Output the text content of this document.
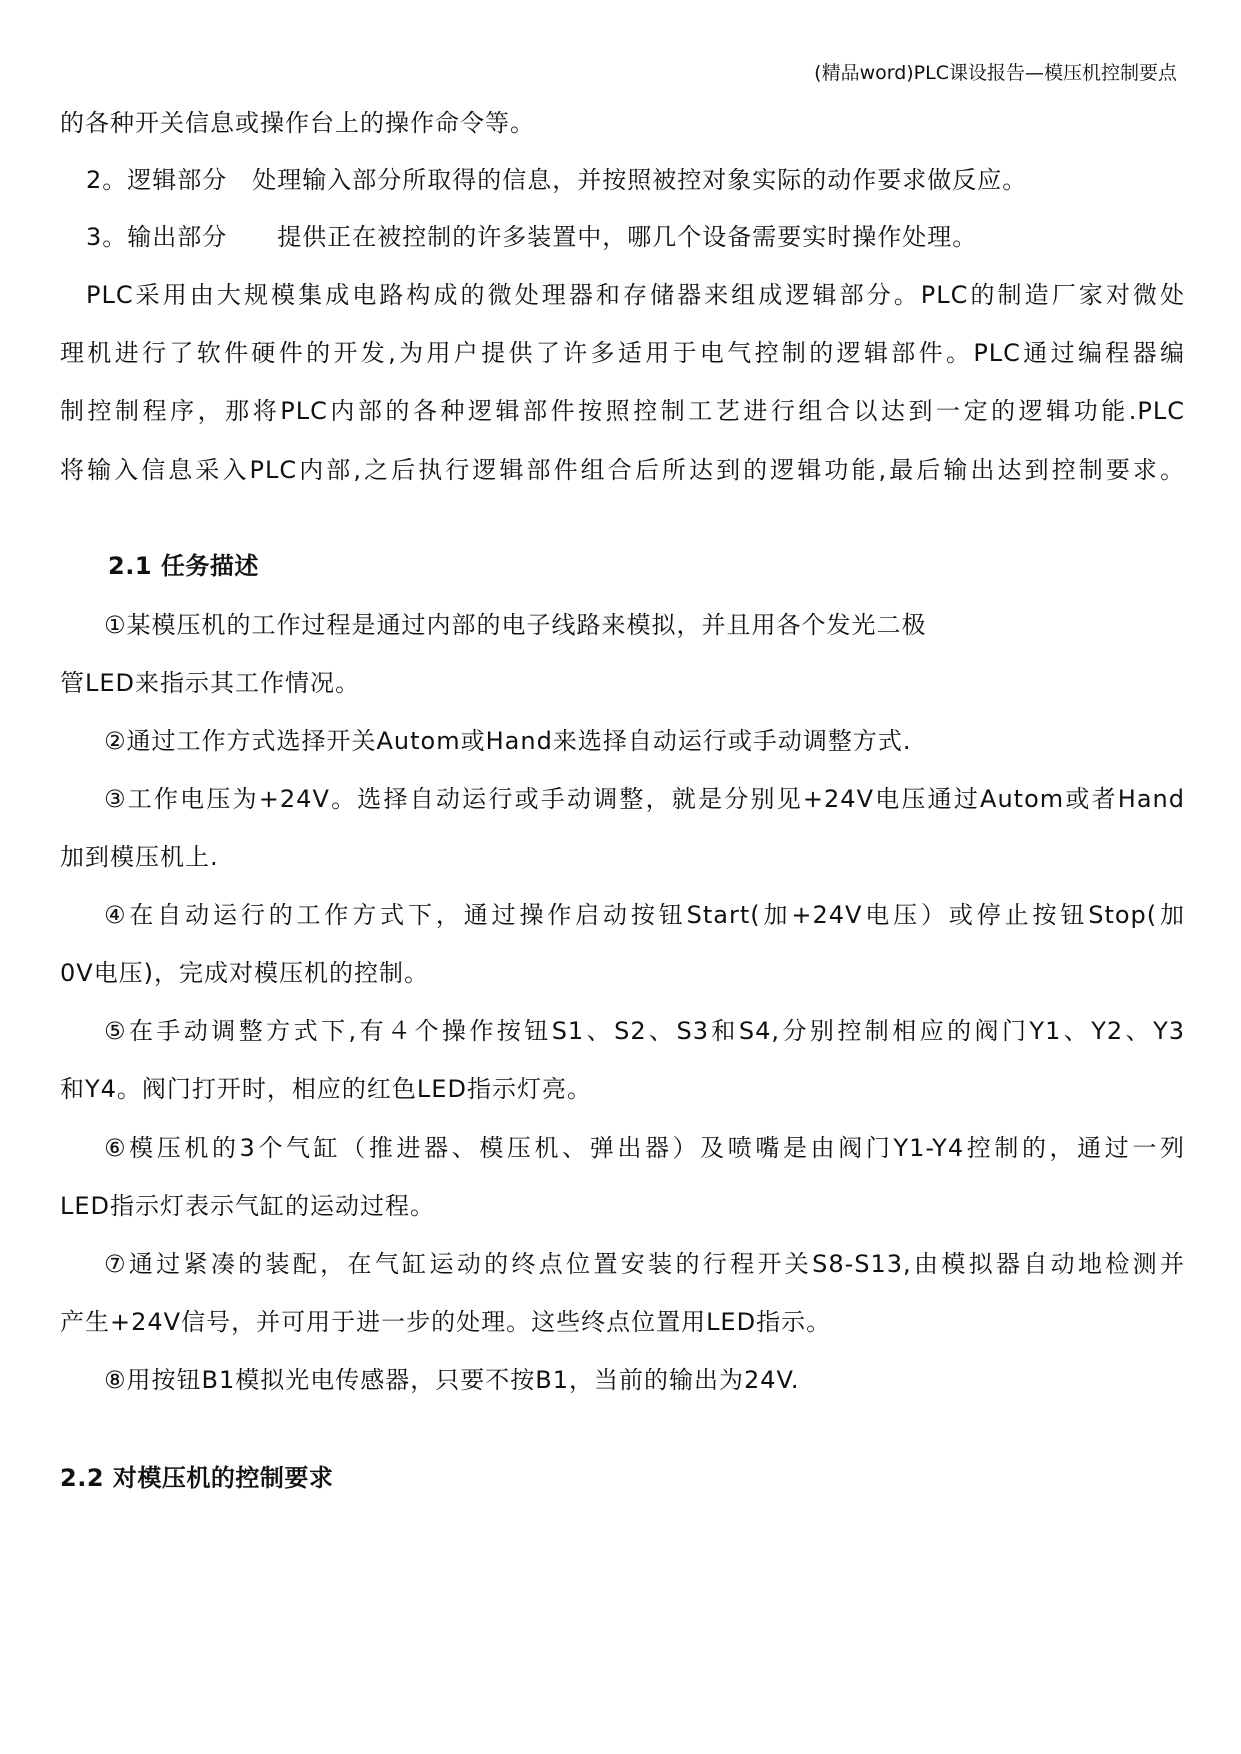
(精品word)PLC课设报告—模压机控制要点
的各种开关信息或操作台上的操作命令等。
2。逻辑部分　处理输入部分所取得的信息，并按照被控对象实际的动作要求做反应。
3。输出部分　　提供正在被控制的许多装置中，哪几个设备需要实时操作处理。
PLC采用由大规模集成电路构成的微处理器和存储器来组成逻辑部分。PLC的制造厂家对微处
理机进行了软件硬件的开发,为用户提供了许多适用于电气控制的逻辑部件。PLC通过编程器编
制控制程序，那将PLC内部的各种逻辑部件按照控制工艺进行组合以达到一定的逻辑功能.PLC
将输入信息采入PLC内部,之后执行逻辑部件组合后所达到的逻辑功能,最后输出达到控制要求。
2.1 任务描述
①某模压机的工作过程是通过内部的电子线路来模拟，并且用各个发光二极
管LED来指示其工作情况。
②通过工作方式选择开关Autom或Hand来选择自动运行或手动调整方式.
③工作电压为+24V。选择自动运行或手动调整，就是分别见+24V电压通过Autom或者Hand
加到模压机上.
④在自动运行的工作方式下，通过操作启动按钮Start(加+24V电压）或停止按钮Stop(加
0V电压)，完成对模压机的控制。
⑤在手动调整方式下,有４个操作按钮S1、S2、S3和S4,分别控制相应的阀门Y1、Y2、Y3
和Y4。阀门打开时，相应的红色LED指示灯亮。
⑥模压机的3个气缸（推进器、模压机、弹出器）及喷嘴是由阀门Y1-Y4控制的，通过一列
LED指示灯表示气缸的运动过程。
⑦通过紧凑的装配，在气缸运动的终点位置安装的行程开关S8-S13,由模拟器自动地检测并
产生+24V信号，并可用于进一步的处理。这些终点位置用LED指示。
⑧用按钮B1模拟光电传感器，只要不按B1，当前的输出为24V.
2.2 对模压机的控制要求
